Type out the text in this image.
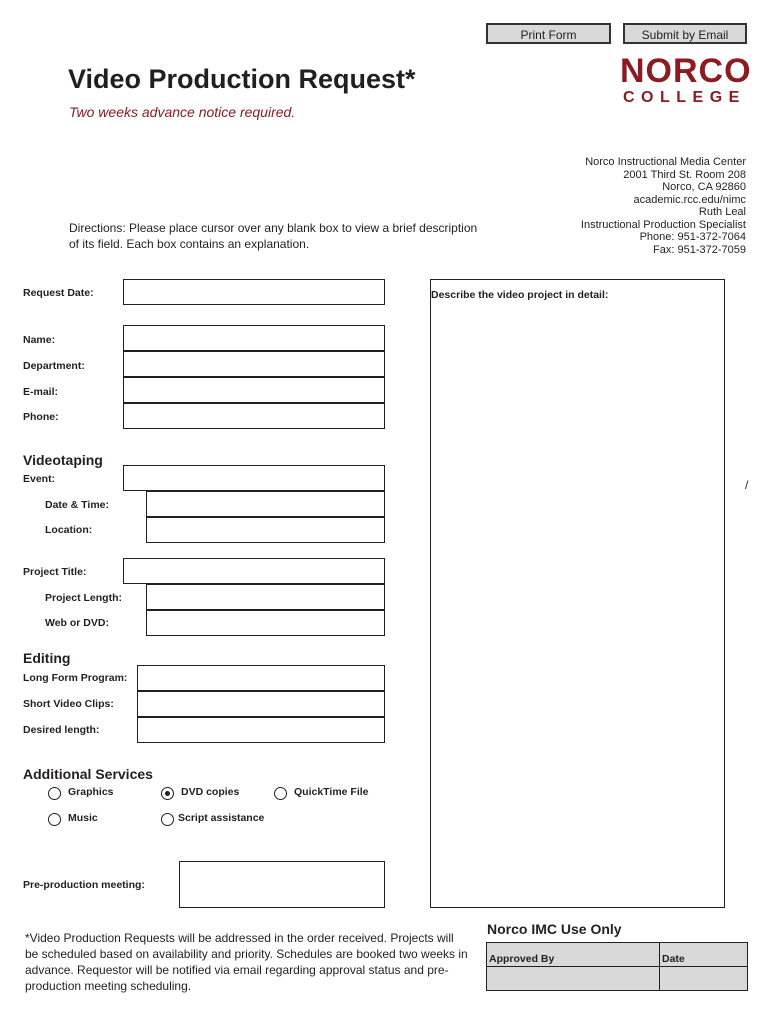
Print Form	Submit by Email
Video Production Request*
Two weeks advance notice required.
NORCO
COLLEGE
Norco Instructional Media Center
2001 Third St. Room 208
Norco, CA 92860
academic.rcc.edu/nimc
Ruth Leal
Instructional Production Specialist
Phone: 951-372-7064
Fax: 951-372-7059
Directions: Please place cursor over any blank box to view a brief description of its field. Each box contains an explanation.
Request Date:
Name:
Department:
E-mail:
Phone:
Videotaping
Event:
Date & Time:
Location:
Project Title:
Project Length:
Web or DVD:
Editing
Long Form Program:
Short Video Clips:
Desired length:
Additional Services
Graphics	DVD copies	QuickTime File
Music	Script assistance
Pre-production meeting:
Describe the video project in detail:
/
*Video Production Requests will be addressed in the order received. Projects will be scheduled based on availability and priority. Schedules are booked two weeks in advance. Requestor will be notified via email regarding approval status and pre-production meeting scheduling.
Norco IMC Use Only
Approved By	Date
